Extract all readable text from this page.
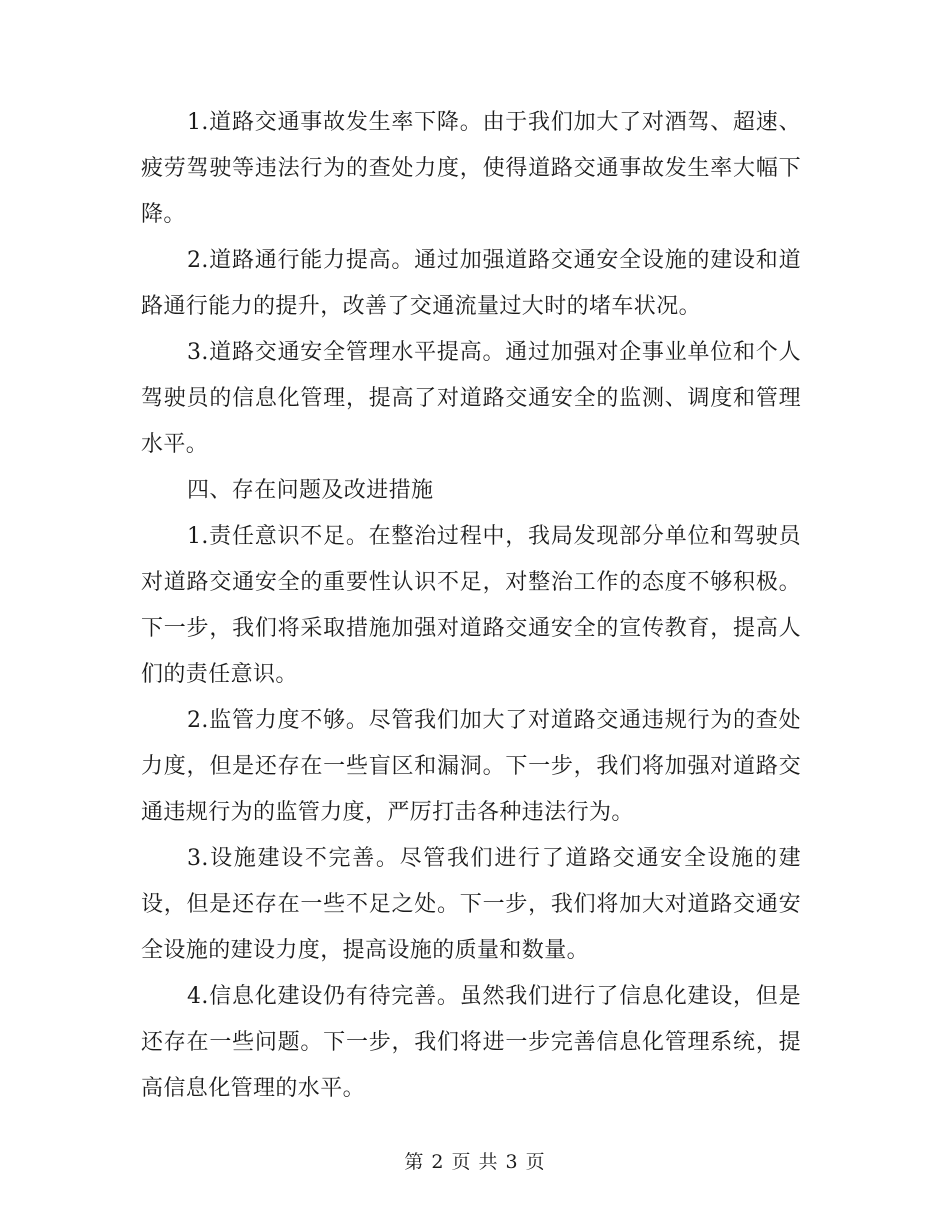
1.道路交通事故发生率下降。由于我们加大了对酒驾、超速、疲劳驾驶等违法行为的查处力度，使得道路交通事故发生率大幅下降。

2.道路通行能力提高。通过加强道路交通安全设施的建设和道路通行能力的提升，改善了交通流量过大时的堵车状况。

3.道路交通安全管理水平提高。通过加强对企事业单位和个人驾驶员的信息化管理，提高了对道路交通安全的监测、调度和管理水平。

四、存在问题及改进措施

1.责任意识不足。在整治过程中，我局发现部分单位和驾驶员对道路交通安全的重要性认识不足，对整治工作的态度不够积极。下一步，我们将采取措施加强对道路交通安全的宣传教育，提高人们的责任意识。

2.监管力度不够。尽管我们加大了对道路交通违规行为的查处力度，但是还存在一些盲区和漏洞。下一步，我们将加强对道路交通违规行为的监管力度，严厉打击各种违法行为。

3.设施建设不完善。尽管我们进行了道路交通安全设施的建设，但是还存在一些不足之处。下一步，我们将加大对道路交通安全设施的建设力度，提高设施的质量和数量。

4.信息化建设仍有待完善。虽然我们进行了信息化建设，但是还存在一些问题。下一步，我们将进一步完善信息化管理系统，提高信息化管理的水平。

第 2 页 共 3 页
